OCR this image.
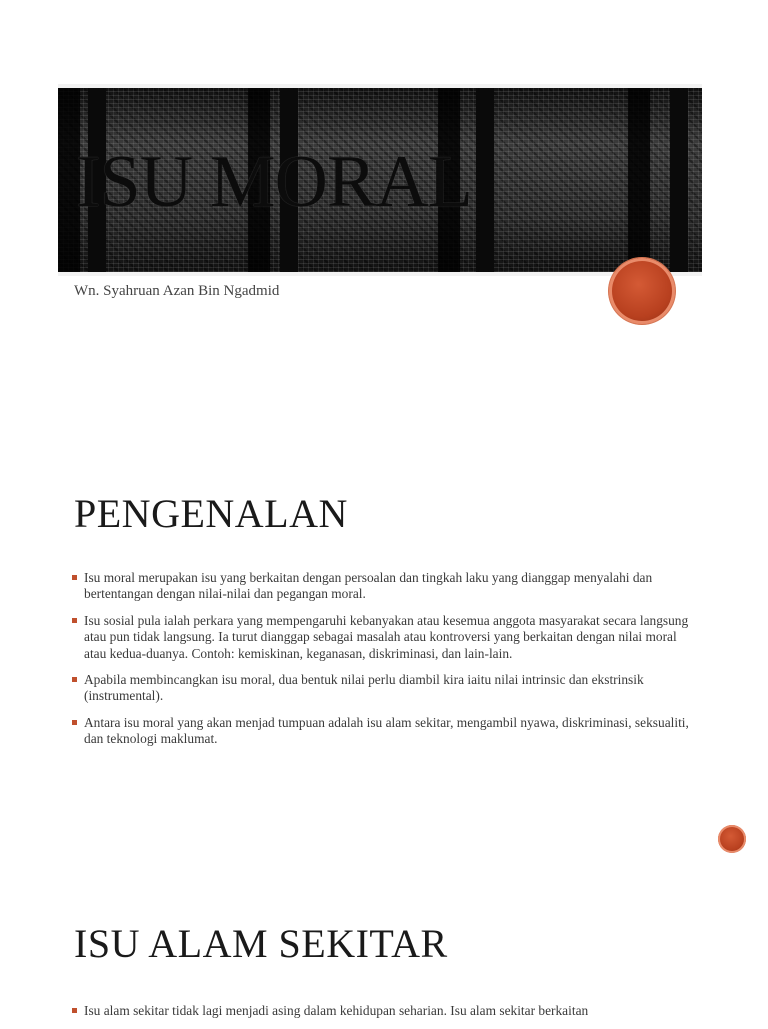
ISU MORAL
Wn. Syahruan Azan Bin Ngadmid
PENGENALAN
Isu moral merupakan isu yang berkaitan dengan persoalan dan tingkah laku yang dianggap menyalahi dan bertentangan dengan nilai-nilai dan pegangan moral.
Isu sosial pula ialah perkara yang mempengaruhi kebanyakan atau kesemua anggota masyarakat secara langsung atau pun tidak langsung. Ia turut dianggap sebagai masalah atau kontroversi yang berkaitan dengan nilai moral atau kedua-duanya. Contoh: kemiskinan, keganasan, diskriminasi, dan lain-lain.
Apabila membincangkan isu moral, dua bentuk nilai perlu diambil kira iaitu nilai intrinsic dan ekstrinsik (instrumental).
Antara isu moral yang akan menjad tumpuan adalah isu alam sekitar, mengambil nyawa, diskriminasi, seksualiti, dan teknologi maklumat.
ISU ALAM SEKITAR
Isu alam sekitar tidak lagi menjadi asing dalam kehidupan seharian. Isu alam sekitar berkaitan
